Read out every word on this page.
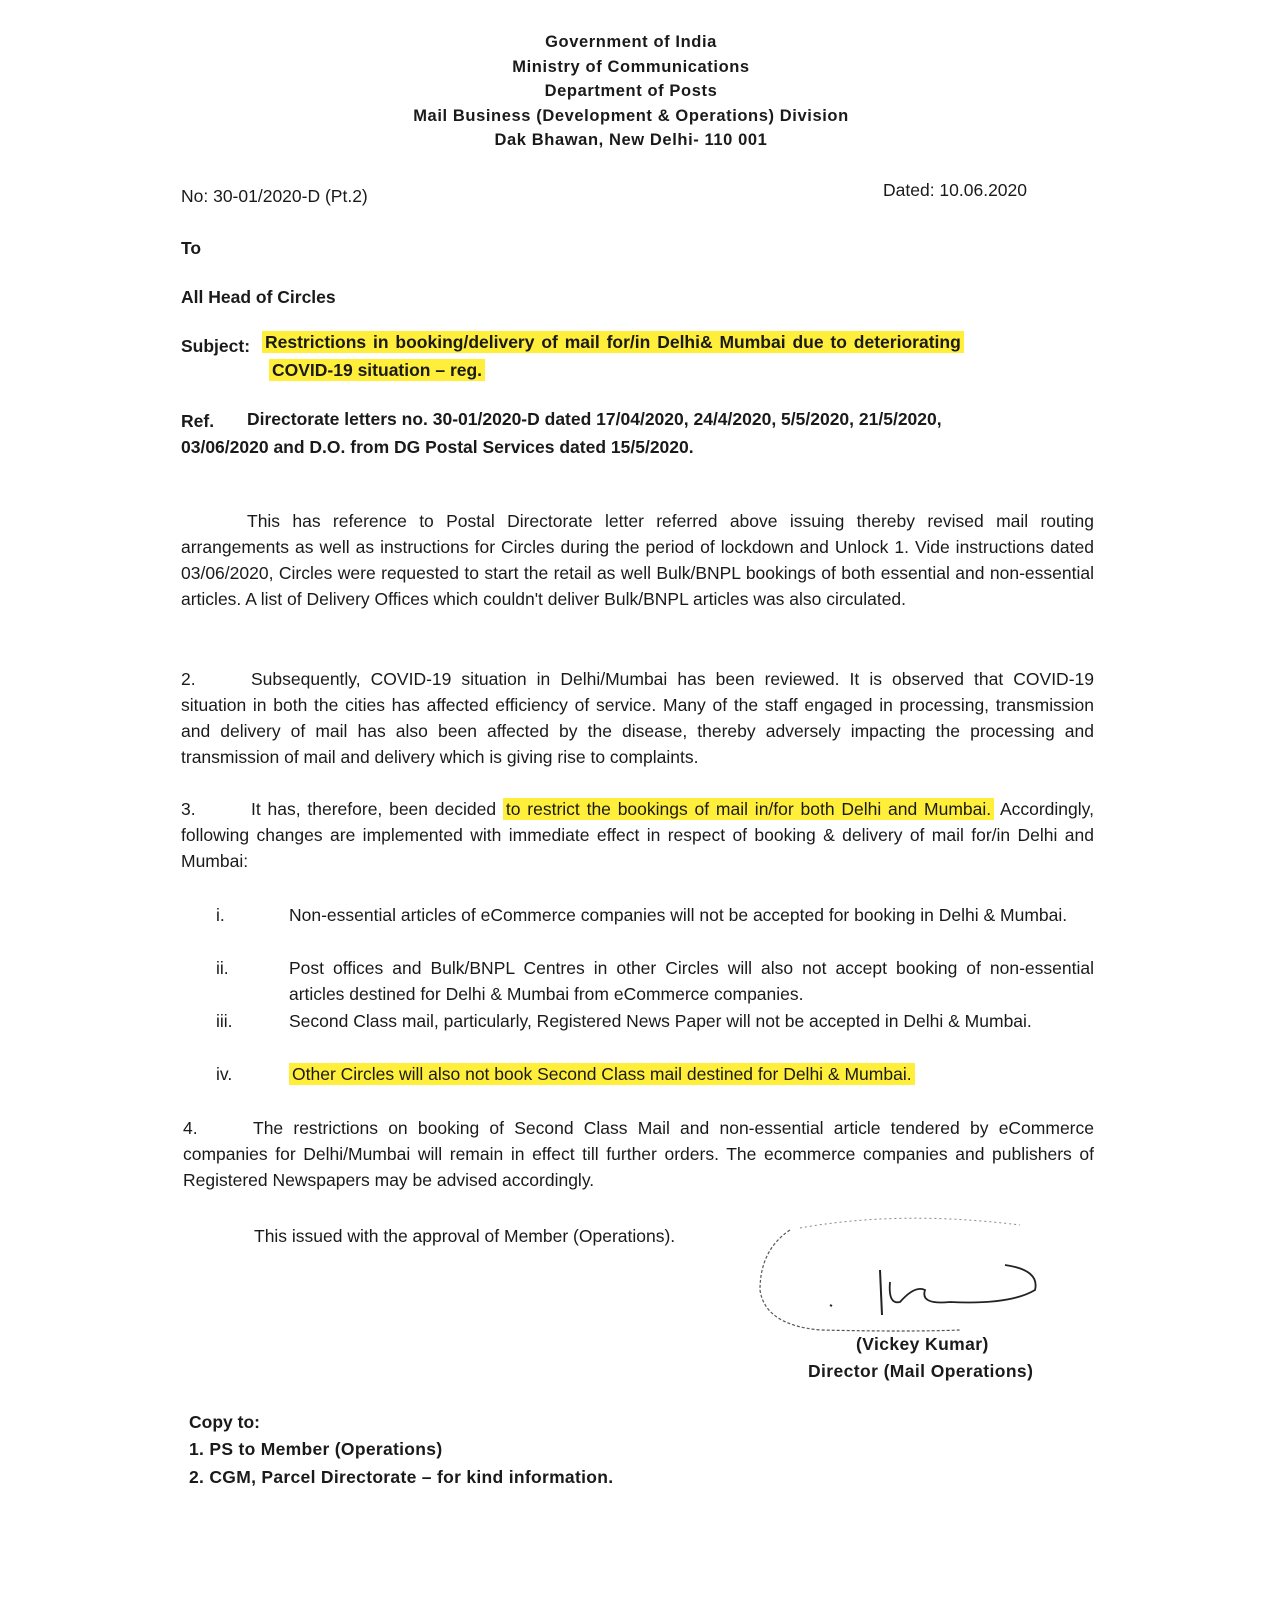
Government of India
Ministry of Communications
Department of Posts
Mail Business (Development & Operations) Division
Dak Bhawan, New Delhi- 110 001
No: 30-01/2020-D (Pt.2)	Dated: 10.06.2020
To
All Head of Circles
Subject: Restrictions in booking/delivery of mail for/in Delhi& Mumbai due to deteriorating
COVID-19 situation – reg.
Ref. Directorate letters no. 30-01/2020-D dated 17/04/2020, 24/4/2020, 5/5/2020, 21/5/2020,
03/06/2020 and D.O. from DG Postal Services dated 15/5/2020.
This has reference to Postal Directorate letter referred above issuing thereby revised mail routing arrangements as well as instructions for Circles during the period of lockdown and Unlock 1. Vide instructions dated 03/06/2020, Circles were requested to start the retail as well Bulk/BNPL bookings of both essential and non-essential articles. A list of Delivery Offices which couldn't deliver Bulk/BNPL articles was also circulated.
2.	Subsequently, COVID-19 situation in Delhi/Mumbai has been reviewed. It is observed that COVID-19 situation in both the cities has affected efficiency of service. Many of the staff engaged in processing, transmission and delivery of mail has also been affected by the disease, thereby adversely impacting the processing and transmission of mail and delivery which is giving rise to complaints.
3.	It has, therefore, been decided to restrict the bookings of mail in/for both Delhi and Mumbai. Accordingly, following changes are implemented with immediate effect in respect of booking & delivery of mail for/in Delhi and Mumbai:
i.	Non-essential articles of eCommerce companies will not be accepted for booking in Delhi & Mumbai.
ii.	Post offices and Bulk/BNPL Centres in other Circles will also not accept booking of non-essential articles destined for Delhi & Mumbai from eCommerce companies.
iii.	Second Class mail, particularly, Registered News Paper will not be accepted in Delhi & Mumbai.
iv.	Other Circles will also not book Second Class mail destined for Delhi & Mumbai.
4.	The restrictions on booking of Second Class Mail and non-essential article tendered by eCommerce companies for Delhi/Mumbai will remain in effect till further orders. The ecommerce companies and publishers of Registered Newspapers may be advised accordingly.
This issued with the approval of Member (Operations).
(Vickey Kumar)
Director (Mail Operations)
Copy to:
1. PS to Member (Operations)
2. CGM, Parcel Directorate – for kind information.
